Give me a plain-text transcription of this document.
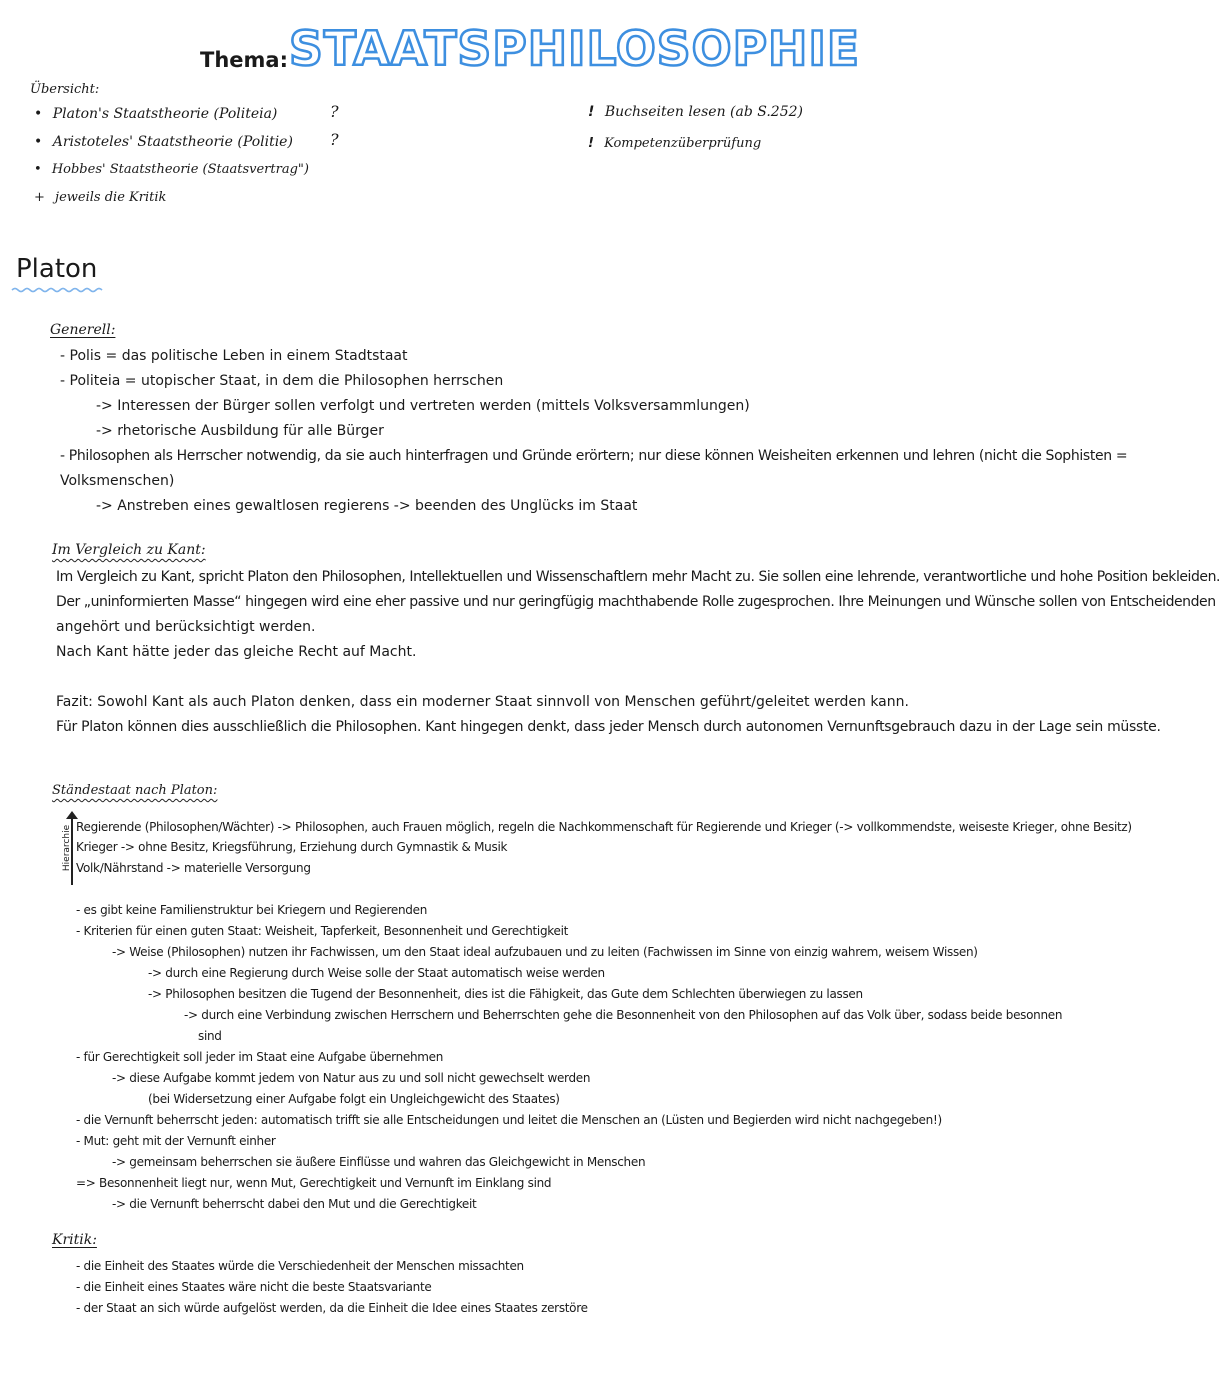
Thema: STAATSPHILOSOPHIE
Übersicht:
• Platon's Staatstheorie (Politeia)
• Aristoteles' Staatstheorie (Politie)
• Hobbes' Staatstheorie (Staatsvertrag")
+ jeweils die Kritik
?
?
! Buchseiten lesen (ab S.252)
! Kompetenzüberprüfung
Platon
Generell:
- Polis = das politische Leben in einem Stadtstaat
- Politeia = utopischer Staat, in dem die Philosophen herrschen
-> Interessen der Bürger sollen verfolgt und vertreten werden (mittels Volksversammlungen)
-> rhetorische Ausbildung für alle Bürger
- Philosophen als Herrscher notwendig, da sie auch hinterfragen und Gründe erörtern; nur diese können Weisheiten erkennen und lehren (nicht die Sophisten =
Volksmenschen)
-> Anstreben eines gewaltlosen regierens -> beenden des Unglücks im Staat
Im Vergleich zu Kant:
Im Vergleich zu Kant, spricht Platon den Philosophen, Intellektuellen und Wissenschaftlern mehr Macht zu. Sie sollen eine lehrende, verantwortliche und hohe Position bekleiden.
Der „uninformierten Masse“ hingegen wird eine eher passive und nur geringfügig machthabende Rolle zugesprochen. Ihre Meinungen und Wünsche sollen von Entscheidenden
angehört und berücksichtigt werden.
Nach Kant hätte jeder das gleiche Recht auf Macht.
Fazit: Sowohl Kant als auch Platon denken, dass ein moderner Staat sinnvoll von Menschen geführt/geleitet werden kann.
Für Platon können dies ausschließlich die Philosophen. Kant hingegen denkt, dass jeder Mensch durch autonomen Vernunftsgebrauch dazu in der Lage sein müsste.
Ständestaat nach Platon:
Hierarchie Regierende (Philosophen/Wächter) -> Philosophen, auch Frauen möglich, regeln die Nachkommenschaft für Regierende und Krieger (-> vollkommendste, weiseste Krieger, ohne Besitz)
Krieger -> ohne Besitz, Kriegsführung, Erziehung durch Gymnastik & Musik
Volk/Nährstand -> materielle Versorgung
- es gibt keine Familienstruktur bei Kriegern und Regierenden
- Kriterien für einen guten Staat: Weisheit, Tapferkeit, Besonnenheit und Gerechtigkeit
-> Weise (Philosophen) nutzen ihr Fachwissen, um den Staat ideal aufzubauen und zu leiten (Fachwissen im Sinne von einzig wahrem, weisem Wissen)
-> durch eine Regierung durch Weise solle der Staat automatisch weise werden
-> Philosophen besitzen die Tugend der Besonnenheit, dies ist die Fähigkeit, das Gute dem Schlechten überwiegen zu lassen
-> durch eine Verbindung zwischen Herrschern und Beherrschten gehe die Besonnenheit von den Philosophen auf das Volk über, sodass beide besonnen
sind
- für Gerechtigkeit soll jeder im Staat eine Aufgabe übernehmen
-> diese Aufgabe kommt jedem von Natur aus zu und soll nicht gewechselt werden
(bei Widersetzung einer Aufgabe folgt ein Ungleichgewicht des Staates)
- die Vernunft beherrscht jeden: automatisch trifft sie alle Entscheidungen und leitet die Menschen an (Lüsten und Begierden wird nicht nachgegeben!)
- Mut: geht mit der Vernunft einher
-> gemeinsam beherrschen sie äußere Einflüsse und wahren das Gleichgewicht in Menschen
=> Besonnenheit liegt nur, wenn Mut, Gerechtigkeit und Vernunft im Einklang sind
-> die Vernunft beherrscht dabei den Mut und die Gerechtigkeit
Kritik:
- die Einheit des Staates würde die Verschiedenheit der Menschen missachten
- die Einheit eines Staates wäre nicht die beste Staatsvariante
- der Staat an sich würde aufgelöst werden, da die Einheit die Idee eines Staates zerstöre
